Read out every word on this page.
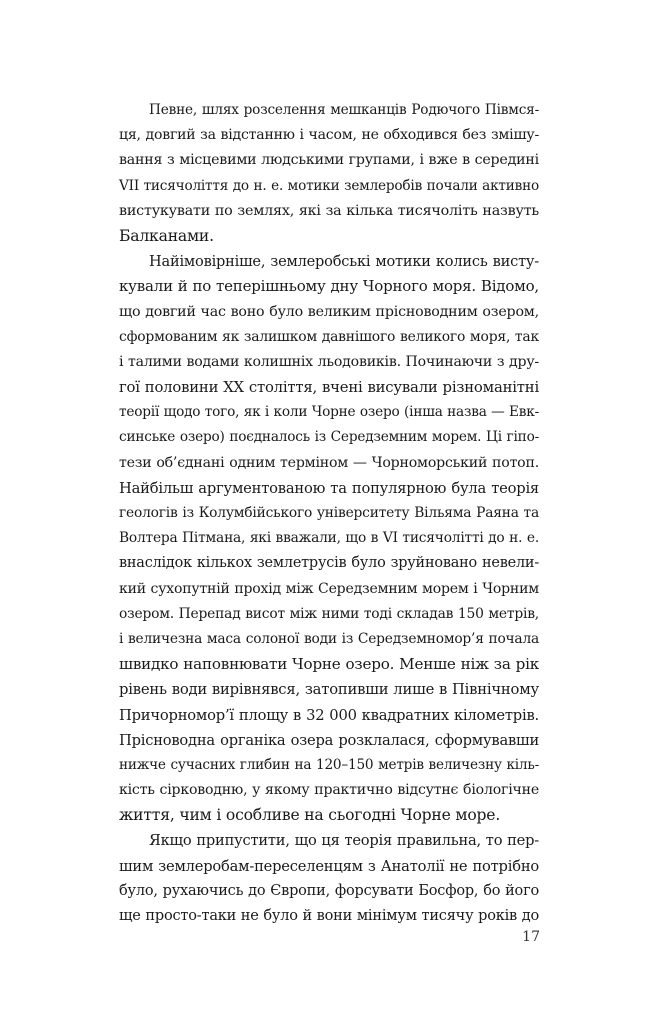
Певне, шлях розселення мешканців Родючого Півмся-
ця, довгий за відстанню і часом, не обходився без змішу-
вання з місцевими людськими групами, і вже в середині
VII тисячоліття до н. е. мотики землеробів почали активно
вистукувати по землях, які за кілька тисячоліть назвуть
Балканами.
Найімовірніше, землеробські мотики колись висту-
кували й по теперішньому дну Чорного моря. Відомо,
що довгий час воно було великим прісноводним озером,
сформованим як залишком давнішого великого моря, так
і талими водами колишніх льодовиків. Починаючи з дру-
гої половини XX століття, вчені висували різноманітні
теорії щодо того, як і коли Чорне озеро (інша назва — Евк-
синське озеро) поєдналось із Середземним морем. Ці гіпо-
тези об’єднані одним терміном — Чорноморський потоп.
Найбільш аргументованою та популярною була теорія
геологів із Колумбійського університету Вільяма Раяна та
Волтера Пітмана, які вважали, що в VI тисячолітті до н. е.
внаслідок кількох землетрусів було зруйновано невели-
кий сухопутній прохід між Середземним морем і Чорним
озером. Перепад висот між ними тоді складав 150 метрів,
і величезна маса солоної води із Середземномор’я почала
швидко наповнювати Чорне озеро. Менше ніж за рік
рівень води вирівнявся, затопивши лише в Північному
Причорномор’ї площу в 32 000 квадратних кілометрів.
Прісноводна органіка озера розклалася, сформувавши
нижче сучасних глибин на 120–150 метрів величезну кіль-
кість сірководню, у якому практично відсутнє біологічне
життя, чим і особливе на сьогодні Чорне море.
Якщо припустити, що ця теорія правильна, то пер-
шим землеробам-переселенцям з Анатолії не потрібно
було, рухаючись до Європи, форсувати Босфор, бо його
ще просто-таки не було й вони мінімум тисячу років до
17
